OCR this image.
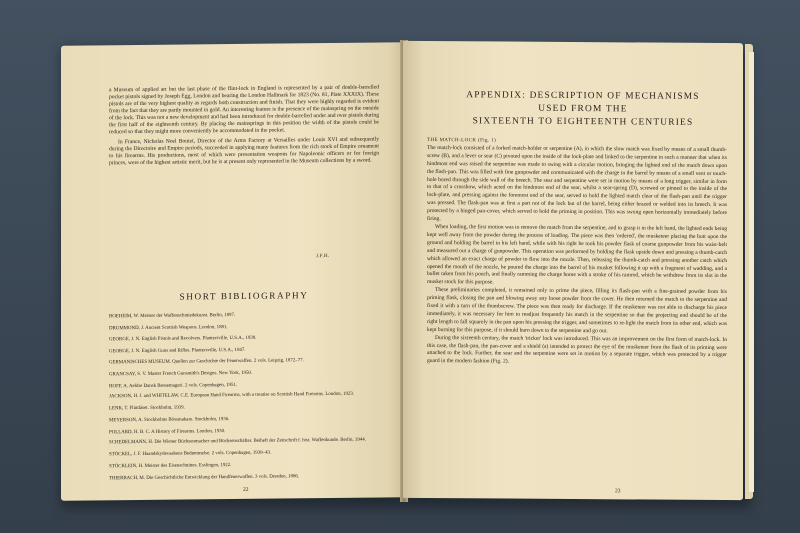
a Museum of applied art but the last phase of the flint-lock in England is represented by a pair of double-barrelled pocket pistols signed by Joseph Egg, London and bearing the London Hallmark for 1823 (No. 81, Plate XXXIX). These pistols are of the very highest quality as regards both construction and finish. That they were highly regarded is evident from the fact that they are partly mounted in gold. An interesting feature is the presence of the mainspring on the outside of the lock. This was not a new development and had been introduced for double-barrelled under and over pistols during the first half of the eighteenth century. By placing the mainsprings in this position the width of the pistols could be reduced so that they might more conveniently be accommodated in the pocket.

In France, Nicholas Noel Boutet, Director of the Arms Factory at Versailles under Louis XVI and subsequently during the Directoire and Empire periods, succeeded in applying many features from the rich stock of Empire ornament to his firearms. His productions, most of which were presentation weapons for Napoleonic officers or for foreign princes, were of the highest artistic merit, but he is at present only represented in the Museum collections by a sword.

J.F.H.
SHORT BIBLIOGRAPHY
BOEHEIM, W. Meister der Waffenschmiedekunst. Berlin, 1897.
DRUMMOND, J. Ancient Scottish Weapons. London, 1881.
GEORGE, J. N. English Pistols and Revolvers. Plantersville, U.S.A., 1938.
GEORGE, J. N. English Guns and Rifles. Plantersville, U.S.A., 1947.
GERMANISCHES MUSEUM. Quellen zur Geschichte der Feuerwaffen. 2 vols. Leipzig, 1872–77.
GRANCSAY, S. V. Master French Gunsmith's Designs. New York, 1950.
HOFF, A. Aeldre Dansk Bøssemageri. 2 vols. Copenhagen, 1951.
JACKSON, H. J. and WHITELAW, C.E. European Hand Firearms, with a treatise on Scottish Hand Firearms. London, 1923.
LENK, T. Flintlåset. Stockholm, 1939.
MEYERSON, A. Stockholms Bössmakare. Stockholm, 1936.
POLLARD, H. B. C. A History of Firearms. London, 1930.
SCHEDELMANN, H. Die Wiener Büchsenmacher und Büchsenschäfter. Beiheft der Zeitschrift f. hist. Waffenkunde. Berlin, 1944.
STÖCKEL, J. F. Haandskydevaabens Bedømmelse. 2 vols. Copenhagen, 1938–43.
STÖCKLEIN, H. Meister des Eisenschnittes. Esslingen, 1922.
THIERBACH, M. Die Geschichtliche Entwicklung der Handfeuerwaffen. 3 vols. Dresden, 1886.
22
APPENDIX: DESCRIPTION OF MECHANISMS
USED FROM THE
SIXTEENTH TO EIGHTEENTH CENTURIES

THE MATCH-LOCK (Fig. 1)

The match-lock consisted of a forked match-holder or serpentine (A), in which the slow match was fixed by means of a small thumb-screw (B), and a lever or sear (C) pivoted upon the inside of the lock-plate and linked to the serpentine in such a manner that when its hindmost end was raised the serpentine was made to swing with a circular motion, bringing the lighted end of the match down upon the flash-pan. This was filled with fine gunpowder and communicated with the charge in the barrel by means of a small vent or touch-hole bored through the side wall of the breech. The sear and serpentine were set in motion by means of a long trigger, similar in form to that of a crossbow, which acted on the hindmost end of the sear, whilst a sear-spring (D), screwed or pinned to the inside of the lock-plate, and pressing against the foremost end of the sear, served to hold the lighted match clear of the flash-pan until the trigger was pressed. The flash-pan was at first a part not of the lock but of the barrel, being either brazed or welded into its breech. It was protected by a hinged pan-cover, which served to hold the priming in position. This was swung open horizontally immediately before firing.

When loading, the first motion was to remove the match from the serpentine, and to grasp it in the left hand, the lighted ends being kept well away from the powder during the process of loading. The piece was then 'ordered', the musketeer placing the butt upon the ground and holding the barrel in his left hand, while with his right he took his powder flask of coarse gunpowder from his waist-belt and measured out a charge of gunpowder. This operation was performed by holding the flask upside down and pressing a thumb-catch which allowed an exact charge of powder to flow into the nozzle. Then, releasing the thumb-catch and pressing another catch which opened the mouth of the nozzle, he poured the charge into the barrel of his musket following it up with a fragment of wadding, and a bullet taken from his pouch, and finally ramming the charge home with a stroke of his ramrod, which he withdrew from its slot in the musket stock for this purpose.

These preliminaries completed, it remained only to prime the piece, filling its flash-pan with a fine-grained powder from his priming flask, closing the pan and blowing away any loose powder from the cover. He then returned the match to the serpentine and fixed it with a turn of the thumbscrew. The piece was then ready for discharge. If the musketeer was not able to discharge his piece immediately, it was necessary for him to readjust frequently his match in the serpentine so that the projecting end should be of the right length to fall squarely in the pan upon his pressing the trigger, and sometimes to re-light the match from its other end, which was kept burning for this purpose, if it should burn down to the serpentine and go out.

During the sixteenth century, the match 'tricker' lock was introduced. This was an improvement on the first form of match-lock. In this case, the flash-pan, the pan-cover and a shield (a) intended to protect the eye of the musketeer from the flash of its priming were attached to the lock. Further, the sear and the serpentine were set in motion by a separate trigger, which was protected by a trigger guard in the modern fashion (Fig. 2).

23
